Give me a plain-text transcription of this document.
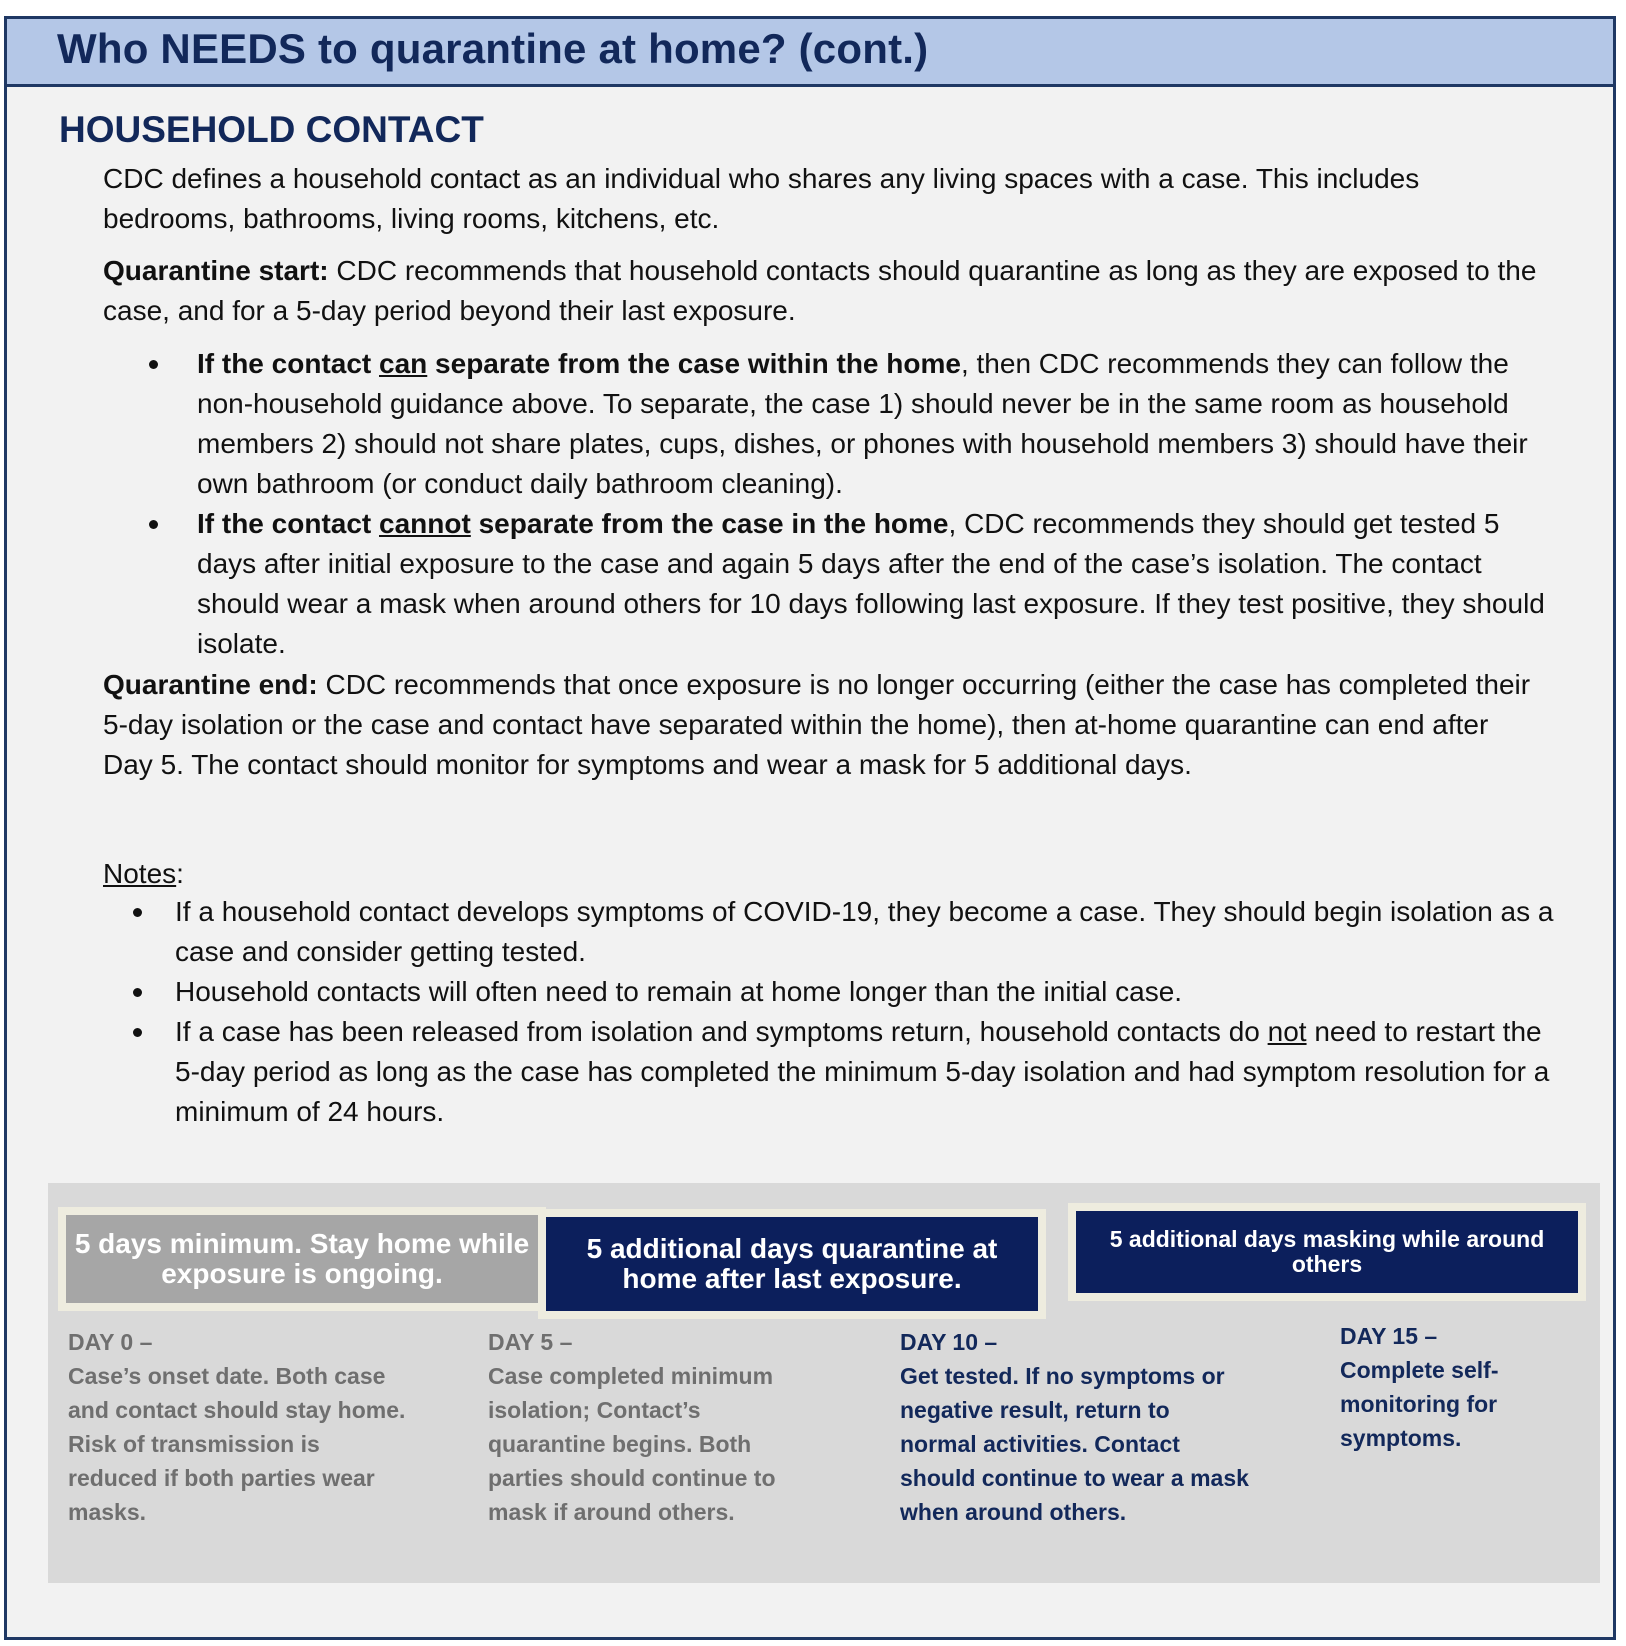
Who NEEDS to quarantine at home? (cont.)
HOUSEHOLD CONTACT
CDC defines a household contact as an individual who shares any living spaces with a case. This includes bedrooms, bathrooms, living rooms, kitchens, etc.
Quarantine start: CDC recommends that household contacts should quarantine as long as they are exposed to the case, and for a 5-day period beyond their last exposure.
If the contact can separate from the case within the home, then CDC recommends they can follow the non-household guidance above. To separate, the case 1) should never be in the same room as household members 2) should not share plates, cups, dishes, or phones with household members 3) should have their own bathroom (or conduct daily bathroom cleaning).
If the contact cannot separate from the case in the home, CDC recommends they should get tested 5 days after initial exposure to the case and again 5 days after the end of the case’s isolation. The contact should wear a mask when around others for 10 days following last exposure. If they test positive, they should isolate.
Quarantine end: CDC recommends that once exposure is no longer occurring (either the case has completed their 5-day isolation or the case and contact have separated within the home), then at-home quarantine can end after Day 5. The contact should monitor for symptoms and wear a mask for 5 additional days.
Notes:
If a household contact develops symptoms of COVID-19, they become a case. They should begin isolation as a case and consider getting tested.
Household contacts will often need to remain at home longer than the initial case.
If a case has been released from isolation and symptoms return, household contacts do not need to restart the 5-day period as long as the case has completed the minimum 5-day isolation and had symptom resolution for a minimum of 24 hours.
5 days minimum. Stay home while exposure is ongoing.
5 additional days quarantine at home after last exposure.
5 additional days masking while around others
DAY 0 –
Case’s onset date. Both case and contact should stay home. Risk of transmission is reduced if both parties wear masks.
DAY 5 –
Case completed minimum isolation; Contact’s quarantine begins. Both parties should continue to mask if around others.
DAY 10 –
Get tested. If no symptoms or negative result, return to normal activities. Contact should continue to wear a mask when around others.
DAY 15 –
Complete self-monitoring for symptoms.
